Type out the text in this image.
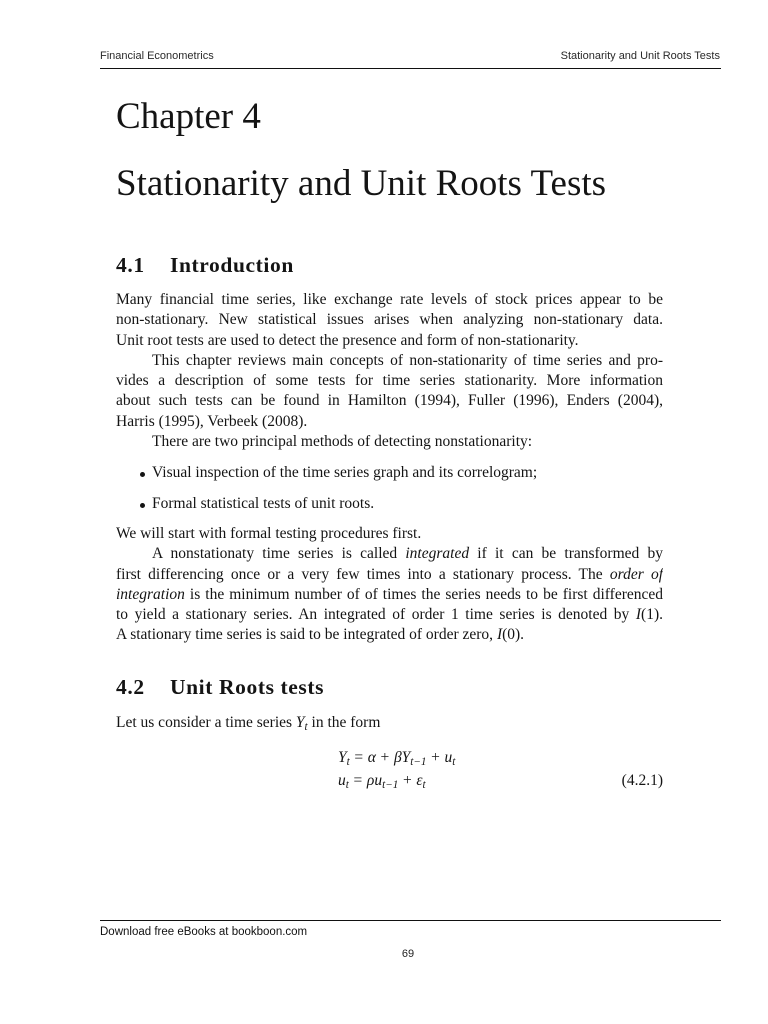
Financial Econometrics	Stationarity and Unit Roots Tests
Chapter 4
Stationarity and Unit Roots Tests
4.1 Introduction
Many financial time series, like exchange rate levels of stock prices appear to be
non-stationary. New statistical issues arises when analyzing non-stationary data.
Unit root tests are used to detect the presence and form of non-stationarity.
This chapter reviews main concepts of non-stationarity of time series and pro-
vides a description of some tests for time series stationarity. More information
about such tests can be found in Hamilton (1994), Fuller (1996), Enders (2004),
Harris (1995), Verbeek (2008).
There are two principal methods of detecting nonstationarity:
Visual inspection of the time series graph and its correlogram;
Formal statistical tests of unit roots.
We will start with formal testing procedures first.
A nonstationaty time series is called integrated if it can be transformed by
first differencing once or a very few times into a stationary process. The order of
integration is the minimum number of of times the series needs to be first differenced
to yield a stationary series. An integrated of order 1 time series is denoted by I(1).
A stationary time series is said to be integrated of order zero, I(0).
4.2 Unit Roots tests
Let us consider a time series $Y_t$ in the form
$Y_t = \alpha + \beta Y_{t-1} + u_t$
$u_t = \rho u_{t-1} + \varepsilon_t$	(4.2.1)
Download free eBooks at bookboon.com
69
